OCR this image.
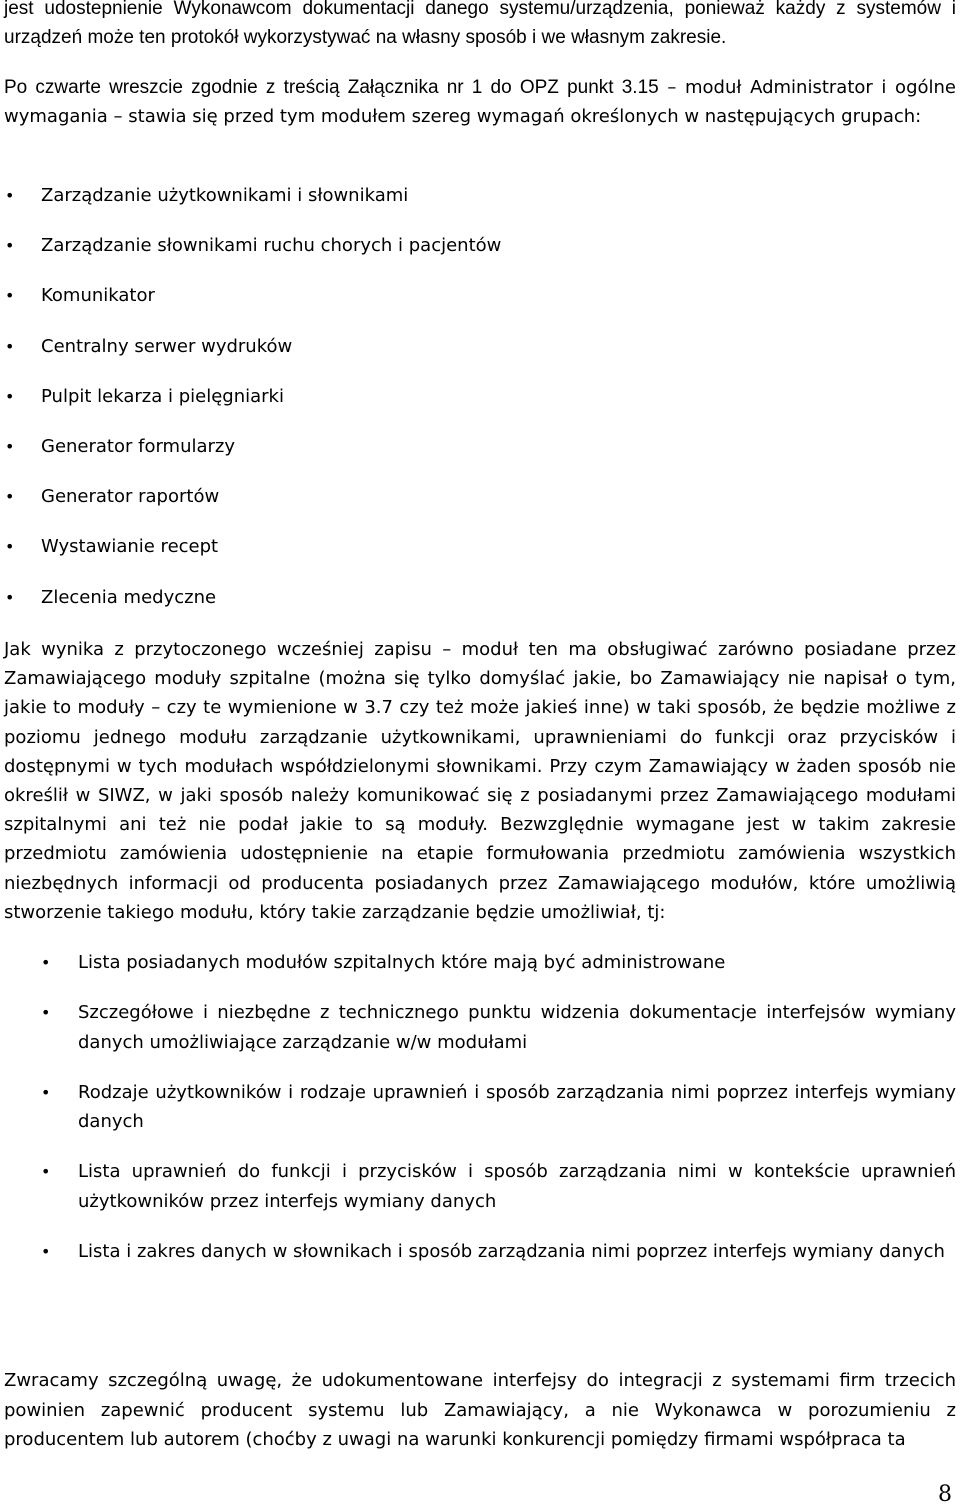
jest udostepnienie Wykonawcom dokumentacji danego systemu/urządzenia, ponieważ każdy z systemów i urządzeń może ten protokół wykorzystywać na własny sposób i we własnym zakresie.

Po czwarte wreszcie zgodnie z treścią Załącznika nr 1 do OPZ punkt 3.15 – moduł Administrator i ogólne wymagania – stawia się przed tym modułem szereg wymagań określonych w następujących grupach:

• Zarządzanie użytkownikami i słownikami
• Zarządzanie słownikami ruchu chorych i pacjentów
• Komunikator
• Centralny serwer wydruków
• Pulpit lekarza i pielęgniarki
• Generator formularzy
• Generator raportów
• Wystawianie recept
• Zlecenia medyczne

Jak wynika z przytoczonego wcześniej zapisu – moduł ten ma obsługiwać zarówno posiadane przez Zamawiającego moduły szpitalne (można się tylko domyślać jakie, bo Zamawiający nie napisał o tym, jakie to moduły – czy te wymienione w 3.7 czy też może jakieś inne) w taki sposób, że będzie możliwe z poziomu jednego modułu zarządzanie użytkownikami, uprawnieniami do funkcji oraz przycisków i dostępnymi w tych modułach współdzielonymi słownikami. Przy czym Zamawiający w żaden sposób nie określił w SIWZ, w jaki sposób należy komunikować się z posiadanymi przez Zamawiającego modułami szpitalnymi ani też nie podał jakie to są moduły. Bezwzględnie wymagane jest w takim zakresie przedmiotu zamówienia udostępnienie na etapie formułowania przedmiotu zamówienia wszystkich niezbędnych informacji od producenta posiadanych przez Zamawiającego modułów, które umożliwią stworzenie takiego modułu, który takie zarządzanie będzie umożliwiał, tj:

• Lista posiadanych modułów szpitalnych które mają być administrowane
• Szczegółowe i niezbędne z technicznego punktu widzenia dokumentacje interfejsów wymiany danych umożliwiające zarządzanie w/w modułami
• Rodzaje użytkowników i rodzaje uprawnień i sposób zarządzania nimi poprzez interfejs wymiany danych
• Lista uprawnień do funkcji i przycisków i sposób zarządzania nimi w kontekście uprawnień użytkowników przez interfejs wymiany danych
• Lista i zakres danych w słownikach i sposób zarządzania nimi poprzez interfejs wymiany danych

Zwracamy szczególną uwagę, że udokumentowane interfejsy do integracji z systemami firm trzecich powinien zapewnić producent systemu lub Zamawiający, a nie Wykonawca w porozumieniu z producentem lub autorem (choćby z uwagi na warunki konkurencji pomiędzy firmami współpraca ta

8
